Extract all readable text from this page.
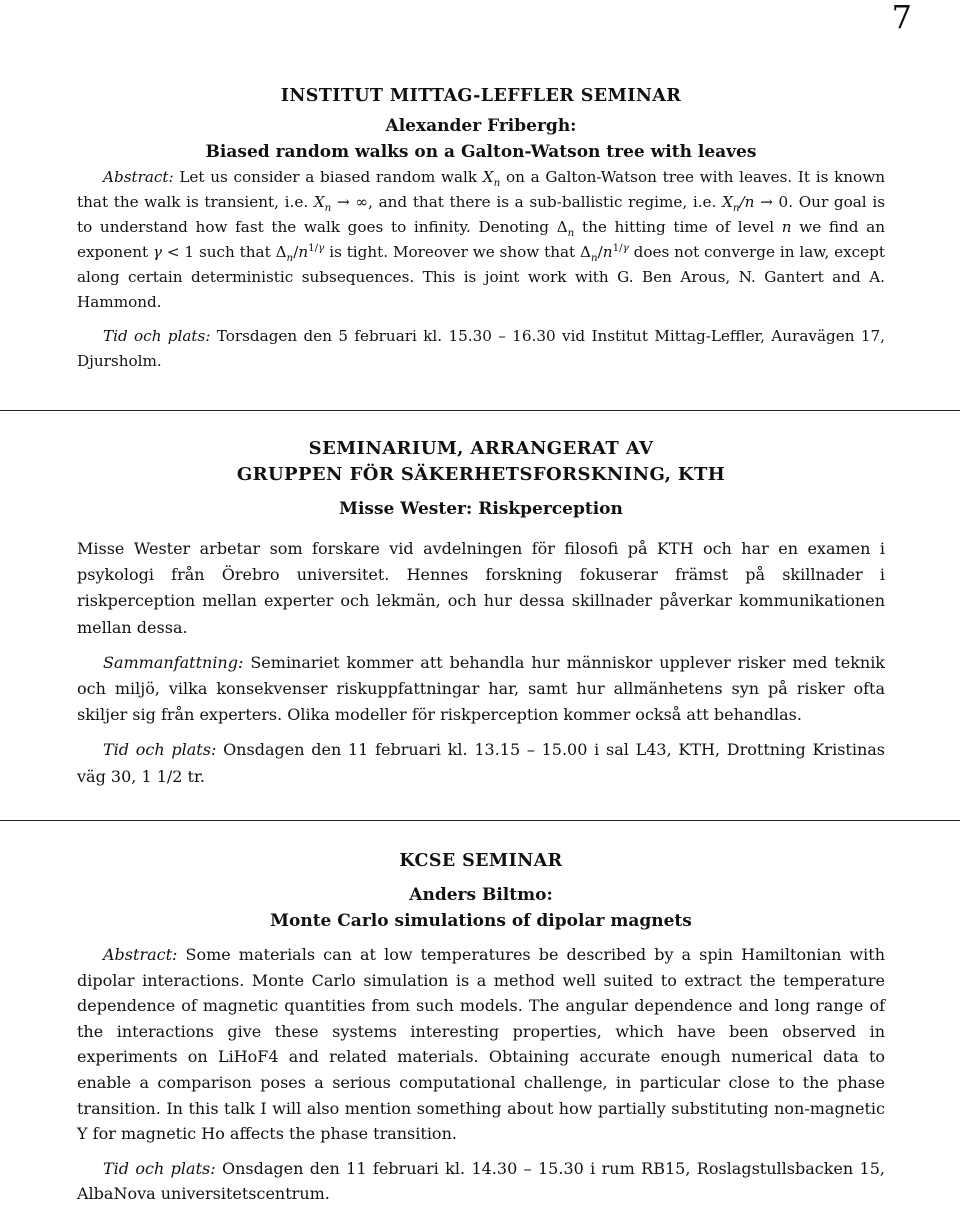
7
INSTITUT MITTAG-LEFFLER SEMINAR
Alexander Fribergh:
Biased random walks on a Galton-Watson tree with leaves

Abstract: Let us consider a biased random walk $X_n$ on a Galton-Watson tree with leaves. It is known that the walk is transient, i.e. $X_n$ → ∞, and that there is a sub-ballistic regime, i.e. $X_n/n \to 0$. Our goal is to understand how fast the walk goes to infinity. Denoting $\Delta_n$ the hitting time of level n we find an exponent γ < 1 such that $\Delta_n/n^{1/\gamma}$ is tight. Moreover we show that $\Delta_n/n^{1/\gamma}$ does not converge in law, except along certain deterministic subsequences. This is joint work with G. Ben Arous, N. Gantert and A. Hammond.

Tid och plats: Torsdagen den 5 februari kl. 15.30 – 16.30 vid Institut Mittag-Leffler, Auravägen 17, Djursholm.

SEMINARIUM, ARRANGERAT AV
GRUPPEN FÖR SÄKERHETSFORSKNING, KTH
Misse Wester: Riskperception

Misse Wester arbetar som forskare vid avdelningen för filosofi på KTH och har en examen i psykologi från Örebro universitet. Hennes forskning fokuserar främst på skillnader i riskperception mellan experter och lekmän, och hur dessa skillnader påverkar kommunikationen mellan dessa.

Sammanfattning: Seminariet kommer att behandla hur människor upplever risker med teknik och miljö, vilka konsekvenser riskuppfattningar har, samt hur allmänhetens syn på risker ofta skiljer sig från experters. Olika modeller för riskperception kommer också att behandlas.

Tid och plats: Onsdagen den 11 februari kl. 13.15 – 15.00 i sal L43, KTH, Drottning Kristinas väg 30, 1 1/2 tr.

KCSE SEMINAR
Anders Biltmo:
Monte Carlo simulations of dipolar magnets

Abstract: Some materials can at low temperatures be described by a spin Hamiltonian with dipolar interactions. Monte Carlo simulation is a method well suited to extract the temperature dependence of magnetic quantities from such models. The angular dependence and long range of the interactions give these systems interesting properties, which have been observed in experiments on LiHoF4 and related materials. Obtaining accurate enough numerical data to enable a comparison poses a serious computational challenge, in particular close to the phase transition. In this talk I will also mention something about how partially substituting non-magnetic Y for magnetic Ho affects the phase transition.

Tid och plats: Onsdagen den 11 februari kl. 14.30 – 15.30 i rum RB15, Roslagstullsbacken 15, AlbaNova universitetscentrum.
